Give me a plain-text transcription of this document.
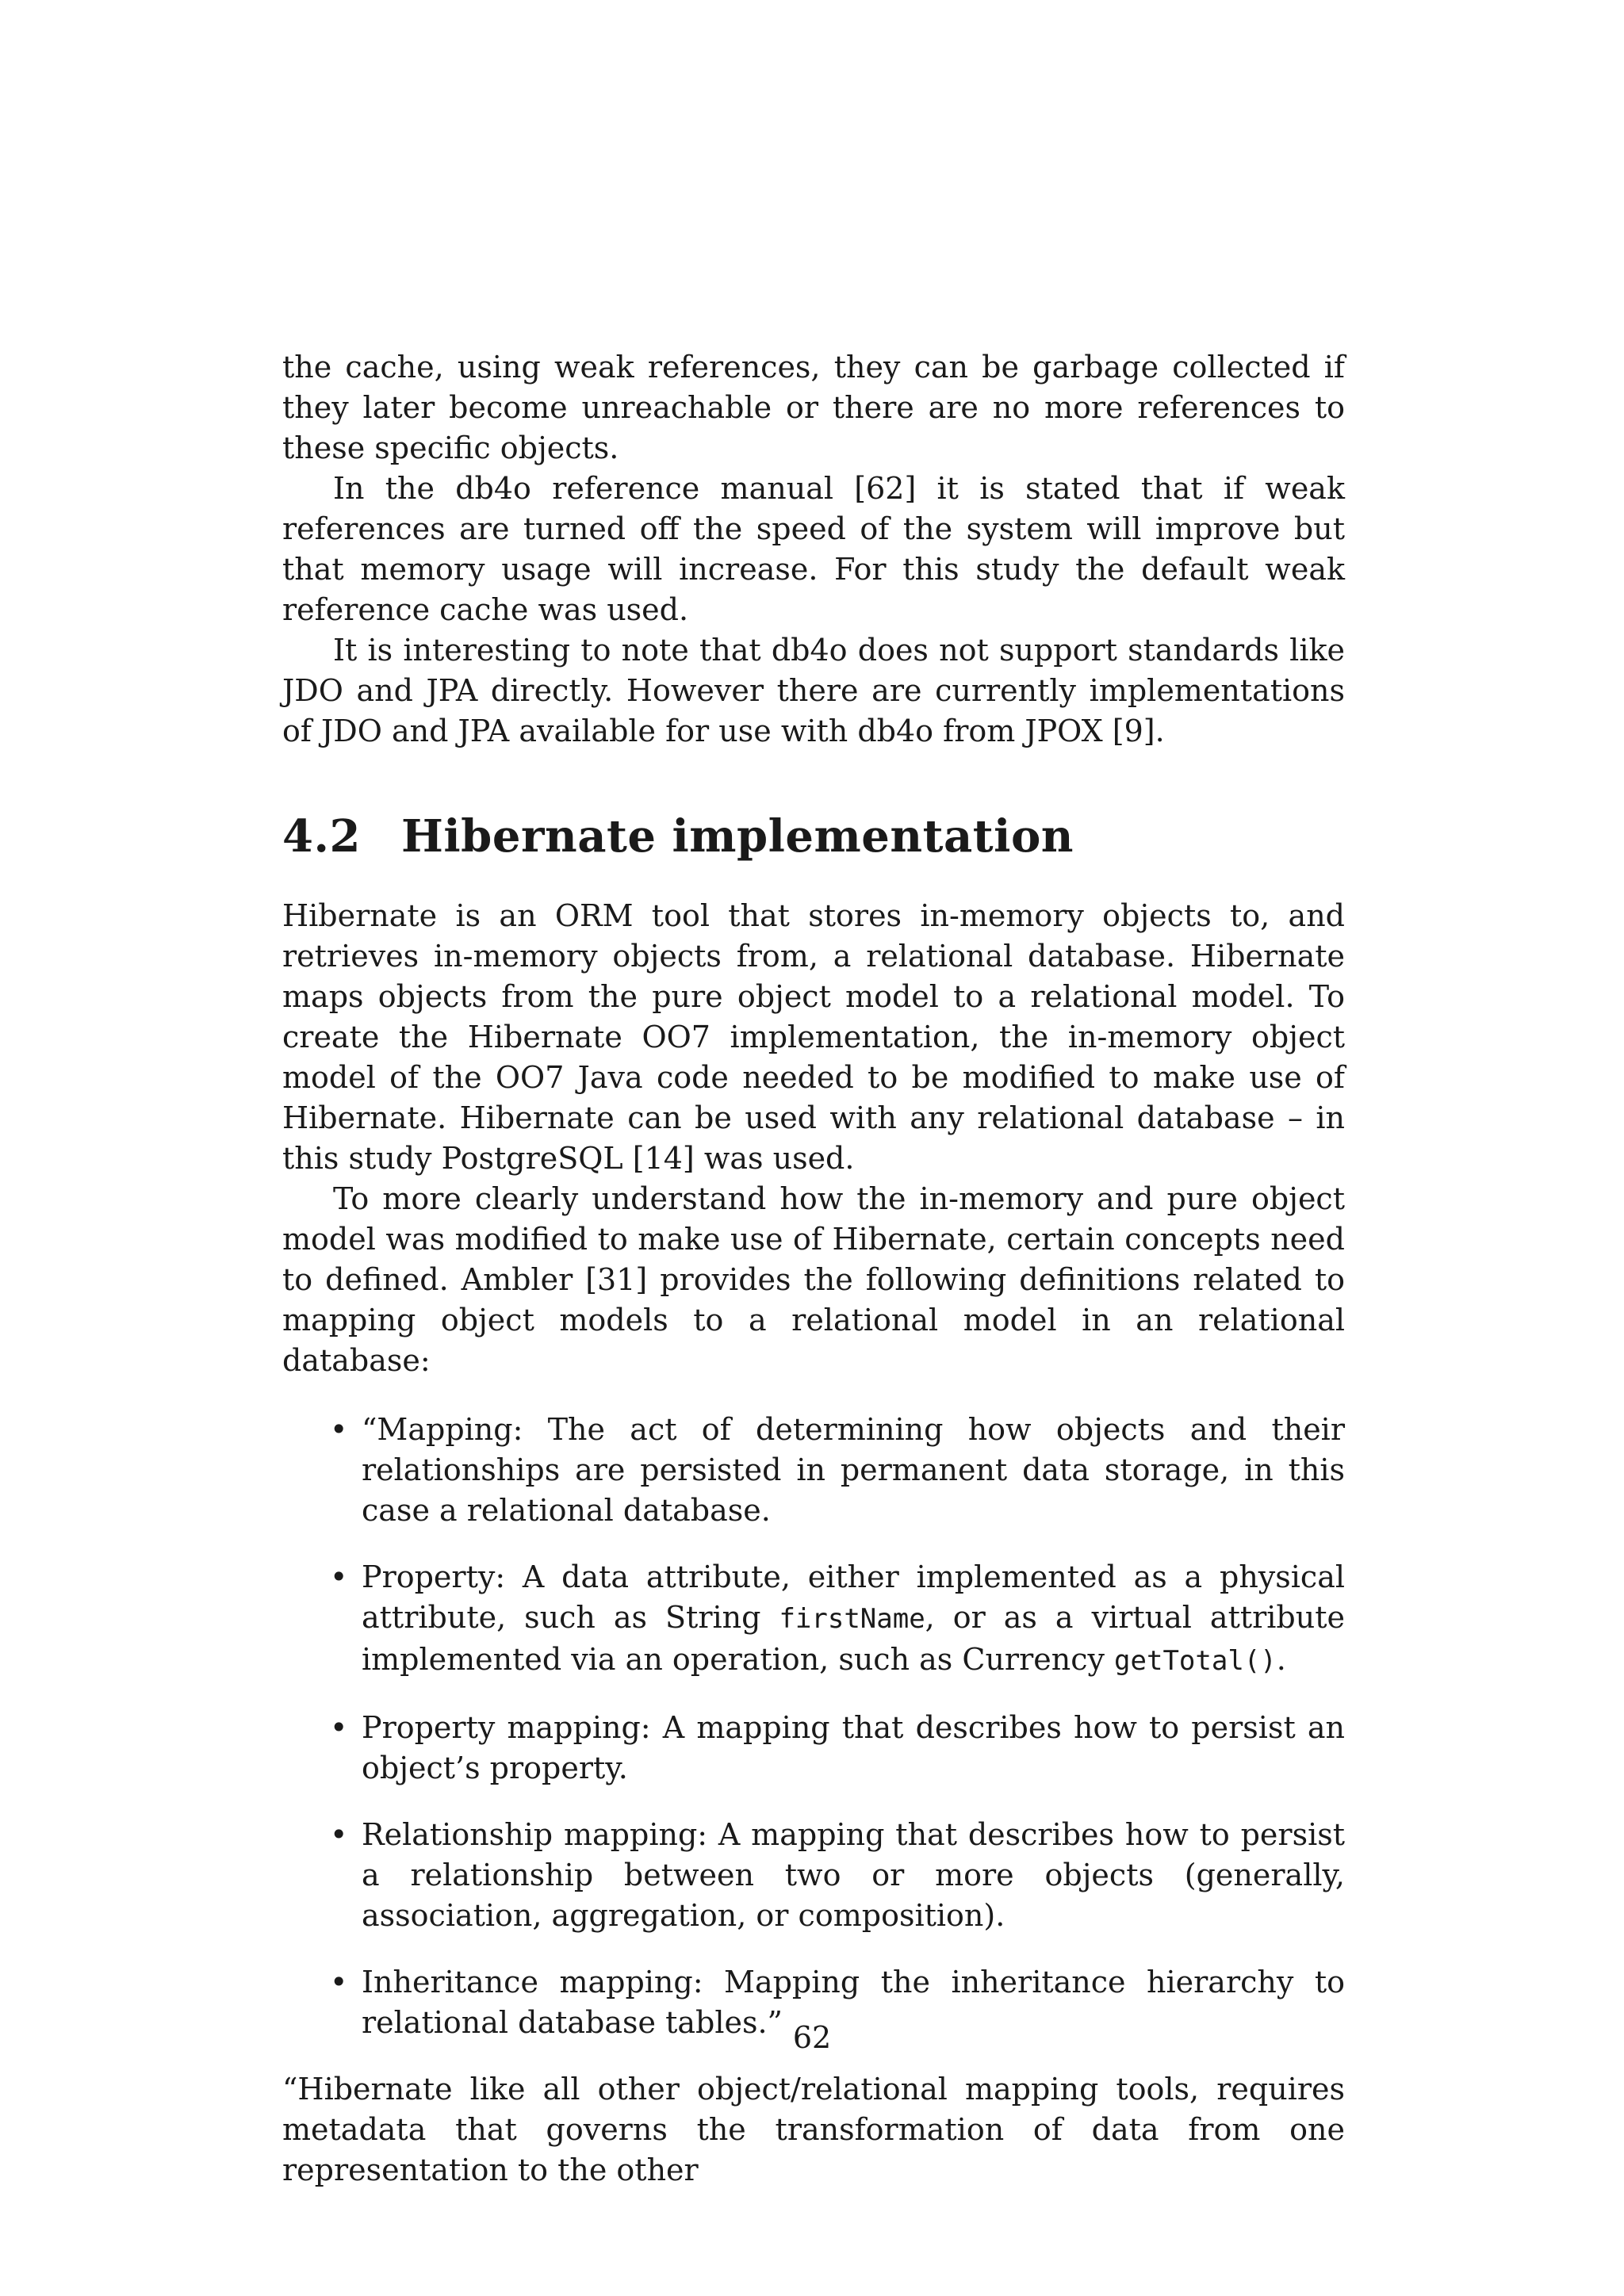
the cache, using weak references, they can be garbage collected if they later become unreachable or there are no more references to these specific objects.

In the db4o reference manual [62] it is stated that if weak references are turned off the speed of the system will improve but that memory usage will increase. For this study the default weak reference cache was used.

It is interesting to note that db4o does not support standards like JDO and JPA directly. However there are currently implementations of JDO and JPA available for use with db4o from JPOX [9].

4.2 Hibernate implementation

Hibernate is an ORM tool that stores in-memory objects to, and retrieves in-memory objects from, a relational database. Hibernate maps objects from the pure object model to a relational model. To create the Hibernate OO7 implementation, the in-memory object model of the OO7 Java code needed to be modified to make use of Hibernate. Hibernate can be used with any relational database – in this study PostgreSQL [14] was used.

To more clearly understand how the in-memory and pure object model was modified to make use of Hibernate, certain concepts need to defined. Ambler [31] provides the following definitions related to mapping object models to a relational model in an relational database:

• “Mapping: The act of determining how objects and their relationships are persisted in permanent data storage, in this case a relational database.
• Property: A data attribute, either implemented as a physical attribute, such as String firstName, or as a virtual attribute implemented via an operation, such as Currency getTotal().
• Property mapping: A mapping that describes how to persist an object’s property.
• Relationship mapping: A mapping that describes how to persist a relationship between two or more objects (generally, association, aggregation, or composition).
• Inheritance mapping: Mapping the inheritance hierarchy to relational database tables.”

“Hibernate like all other object/relational mapping tools, requires metadata that governs the transformation of data from one representation to the other

62
